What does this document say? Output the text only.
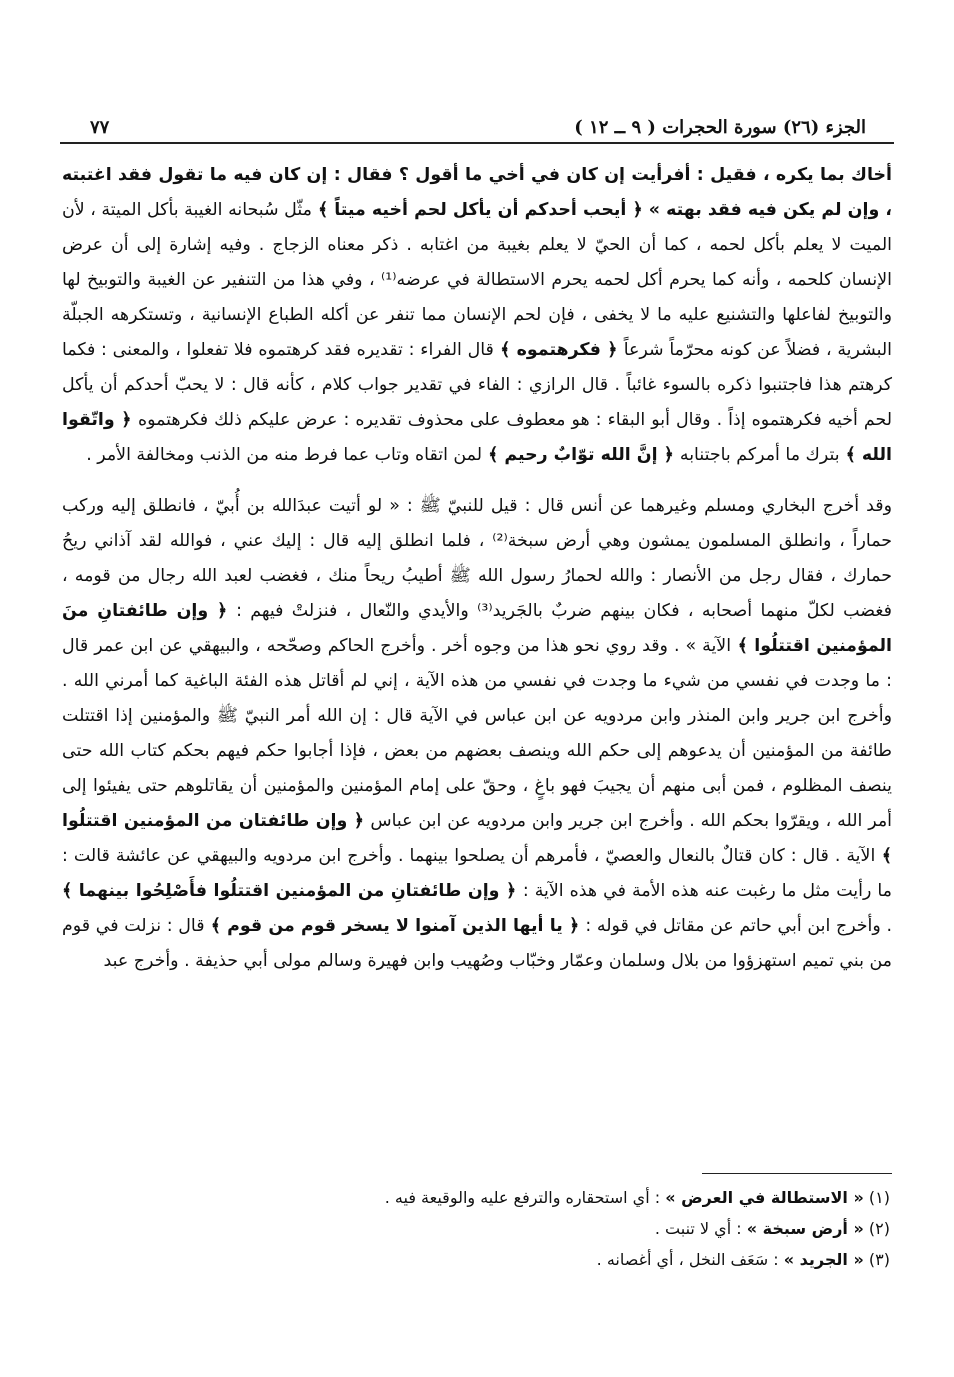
الجزء (٢٦) سورة الحجرات ( ٩ ــ ١٢ )
٧٧

أخاك بما يكره ، فقيل : أفرأيت إن كان في أخي ما أقول ؟ فقال : إن كان فيه ما تقول فقد اغتبته ، وإن لم يكن فيه فقد بهته » ﴿ أيحب أحدكم أن يأكل لحم أخيه ميتاً ﴾ مثّل سُبحانه الغيبة بأكل الميتة ، لأن الميت لا يعلم بأكل لحمه ، كما أن الحيّ لا يعلم بغيبة من اغتابه . ذكر معناه الزجاج . وفيه إشارة إلى أن عرض الإنسان كلحمه ، وأنه كما يحرم أكل لحمه يحرم الاستطالة في عرضه⁽¹⁾ ، وفي هذا من التنفير عن الغيبة والتوبيخ لها والتوبيخ لفاعلها والتشنيع عليه ما لا يخفى ، فإن لحم الإنسان مما تنفر عن أكله الطباع الإنسانية ، وتستكرهه الجبلّة البشرية ، فضلاً عن كونه محرّماً شرعاً ﴿ فكرهتموه ﴾ قال الفراء : تقديره فقد كرهتموه فلا تفعلوا ، والمعنى : فكما كرهتم هذا فاجتنبوا ذكره بالسوء غائباً . قال الرازي : الفاء في تقدير جواب كلام ، كأنه قال : لا يحبّ أحدكم أن يأكل لحم أخيه فكرهتموه إذاً . وقال أبو البقاء : هو معطوف على محذوف تقديره : عرض عليكم ذلك فكرهتموه ﴿ واتّقوا الله ﴾ بترك ما أمركم باجتنابه ﴿ إنَّ الله توّابٌ رحيم ﴾ لمن اتقاه وتاب عما فرط منه من الذنب ومخالفة الأمر .

وقد أخرج البخاري ومسلم وغيرهما عن أنس قال : قيل للنبيّ ﷺ : « لو أتيت عبدَالله بن أُبيّ ، فانطلق إليه وركب حماراً ، وانطلق المسلمون يمشون وهي أرض سبخة⁽²⁾ ، فلما انطلق إليه قال : إليك عني ، فوالله لقد آذاني ريحُ حمارك ، فقال رجل من الأنصار : والله لحمارُ رسول الله ﷺ أطيبُ ريحاً منك ، فغضب لعبد الله رجال من قومه ، فغضب لكلّ منهما أصحابه ، فكان بينهم ضربٌ بالجَريد⁽³⁾ والأيدي والنّعال ، فنزلتْ فيهم : ﴿ وإن طائفتانِ منَ المؤمنين اقتتلُوا ﴾ الآية » . وقد روي نحو هذا من وجوه أخر . وأخرج الحاكم وصحّحه ، والبيهقي عن ابن عمر قال : ما وجدت في نفسي من شيء ما وجدت في نفسي من هذه الآية ، إني لم أقاتل هذه الفئة الباغية كما أمرني الله . وأخرج ابن جرير وابن المنذر وابن مردويه عن ابن عباس في الآية قال : إن الله أمر النبيّ ﷺ والمؤمنين إذا اقتتلت طائفة من المؤمنين أن يدعوهم إلى حكم الله وينصف بعضهم من بعض ، فإذا أجابوا حكم فيهم بحكم كتاب الله حتى ينصف المظلوم ، فمن أبى منهم أن يجيبَ فهو باغٍ ، وحقّ على إمام المؤمنين والمؤمنين أن يقاتلوهم حتى يفيئوا إلى أمر الله ، ويقرّوا بحكم الله . وأخرج ابن جرير وابن مردويه عن ابن عباس ﴿ وإن طائفتان من المؤمنين اقتتلُوا ﴾ الآية . قال : كان قتالٌ بالنعال والعصيّ ، فأمرهم أن يصلحوا بينهما . وأخرج ابن مردويه والبيهقي عن عائشة قالت : ما رأيت مثل ما رغبت عنه هذه الأمة في هذه الآية : ﴿ وإن طائفتانِ من المؤمنين اقتتلُوا فأَصْلِحُوا بينهما ﴾ . وأخرج ابن أبي حاتم عن مقاتل في قوله : ﴿ يا أيها الذين آمنوا لا يسخر قوم من قوم ﴾ قال : نزلت في قوم من بني تميم استهزؤوا من بلال وسلمان وعمّار وخبّاب وصُهيب وابن فهيرة وسالم مولى أبي حذيفة . وأخرج عبد

(١) « الاستطالة في العرض » : أي استحقاره والترفع عليه والوقيعة فيه .
(٢) « أرض سبخة » : أي لا تنبت .
(٣) « الجريد » : سَعَف النخل ، أي أغصانه .
